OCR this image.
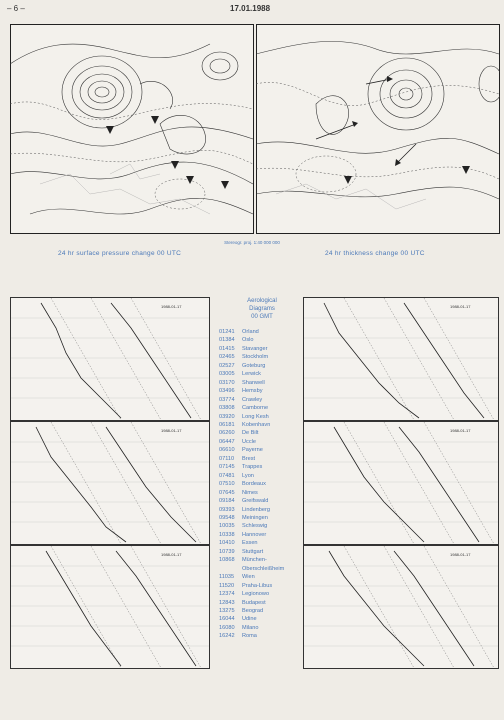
– 6 –	17.01.1988
Stereogr. proj. 1:40 000 000
24 hr surface pressure change 00 UTC	24 hr thickness change 00 UTC
1988-01-17
1988-01-17
1988-01-17
Aerological
Diagrams
00 GMT
01241	Orland
01384	Oslo
01415	Stavanger
02465	Stockholm
02527	Goteburg
03005	Lerwick
03170	Shanwell
03496	Hemsby
03774	Crawley
03808	Camborne
03920	Long Kesh
06181	Kobenhavn
06260	De Bilt
06447	Uccle
06610	Payerne
07110	Brest
07145	Trappes
07481	Lyon
07510	Bordeaux
07645	Nimes
09184	Greifswald
09393	Lindenberg
09548	Meiningen
10035	Schleswig
10338	Hannover
10410	Essen
10739	Stuttgart
10868	München-
Oberschleißheim
11035	Wien
11520	Praha-Libus
12374	Legionowo
12843	Budapest
13275	Beograd
16044	Udine
16080	Milano
16242	Roma
1988-01-17
1988-01-17
1988-01-17
